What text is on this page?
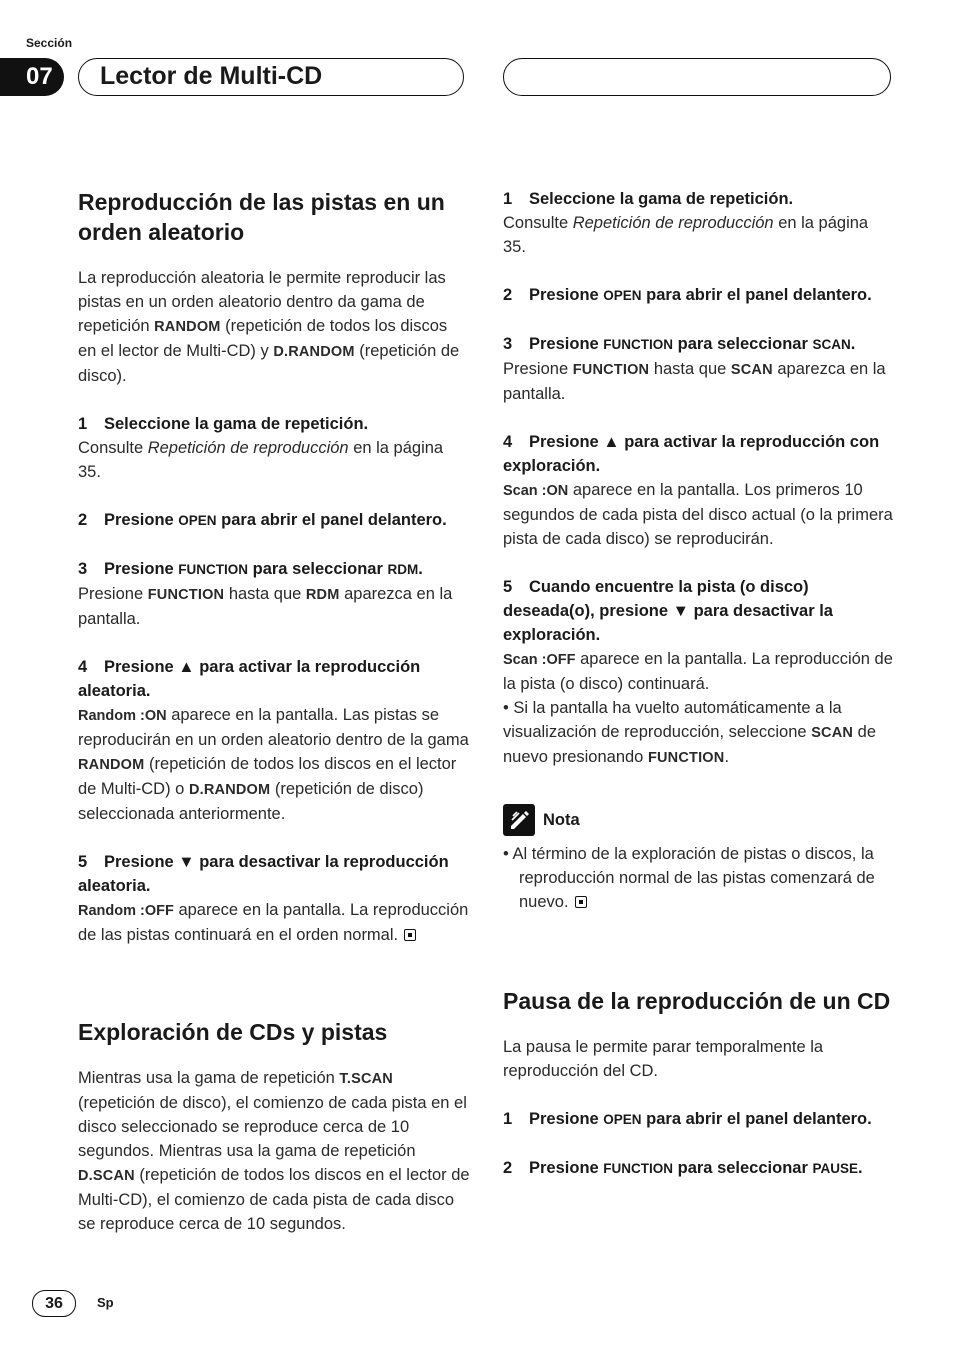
Sección
07	Lector de Multi-CD
Reproducción de las pistas en un orden aleatorio

La reproducción aleatoria le permite reproducir las pistas en un orden aleatorio dentro da gama de repetición RANDOM (repetición de todos los discos en el lector de Multi-CD) y D.RANDOM (repetición de disco).

1 Seleccione la gama de repetición.
Consulte Repetición de reproducción en la página 35.
2 Presione OPEN para abrir el panel delantero.
3 Presione FUNCTION para seleccionar RDM.
Presione FUNCTION hasta que RDM aparezca en la pantalla.
4 Presione ▲ para activar la reproducción aleatoria.
Random :ON aparece en la pantalla. Las pistas se reproducirán en un orden aleatorio dentro de la gama RANDOM (repetición de todos los discos en el lector de Multi-CD) o D.RANDOM (repetición de disco) seleccionada anteriormente.
5 Presione ▼ para desactivar la reproducción aleatoria.
Random :OFF aparece en la pantalla. La reproducción de las pistas continuará en el orden normal.
Exploración de CDs y pistas

Mientras usa la gama de repetición T.SCAN (repetición de disco), el comienzo de cada pista en el disco seleccionado se reproduce cerca de 10 segundos. Mientras usa la gama de repetición D.SCAN (repetición de todos los discos en el lector de Multi-CD), el comienzo de cada pista de cada disco se reproduce cerca de 10 segundos.

1 Seleccione la gama de repetición.
Consulte Repetición de reproducción en la página 35.
2 Presione OPEN para abrir el panel delantero.
3 Presione FUNCTION para seleccionar SCAN.
Presione FUNCTION hasta que SCAN aparezca en la pantalla.
4 Presione ▲ para activar la reproducción con exploración.
Scan :ON aparece en la pantalla. Los primeros 10 segundos de cada pista del disco actual (o la primera pista de cada disco) se reproducirán.
5 Cuando encuentre la pista (o disco) deseada(o), presione ▼ para desactivar la exploración.
Scan :OFF aparece en la pantalla. La reproducción de la pista (o disco) continuará.
• Si la pantalla ha vuelto automáticamente a la visualización de reproducción, seleccione SCAN de nuevo presionando FUNCTION.
Nota
• Al término de la exploración de pistas o discos, la reproducción normal de las pistas comenzará de nuevo.
Pausa de la reproducción de un CD

La pausa le permite parar temporalmente la reproducción del CD.

1 Presione OPEN para abrir el panel delantero.
2 Presione FUNCTION para seleccionar PAUSE.
36	Sp
